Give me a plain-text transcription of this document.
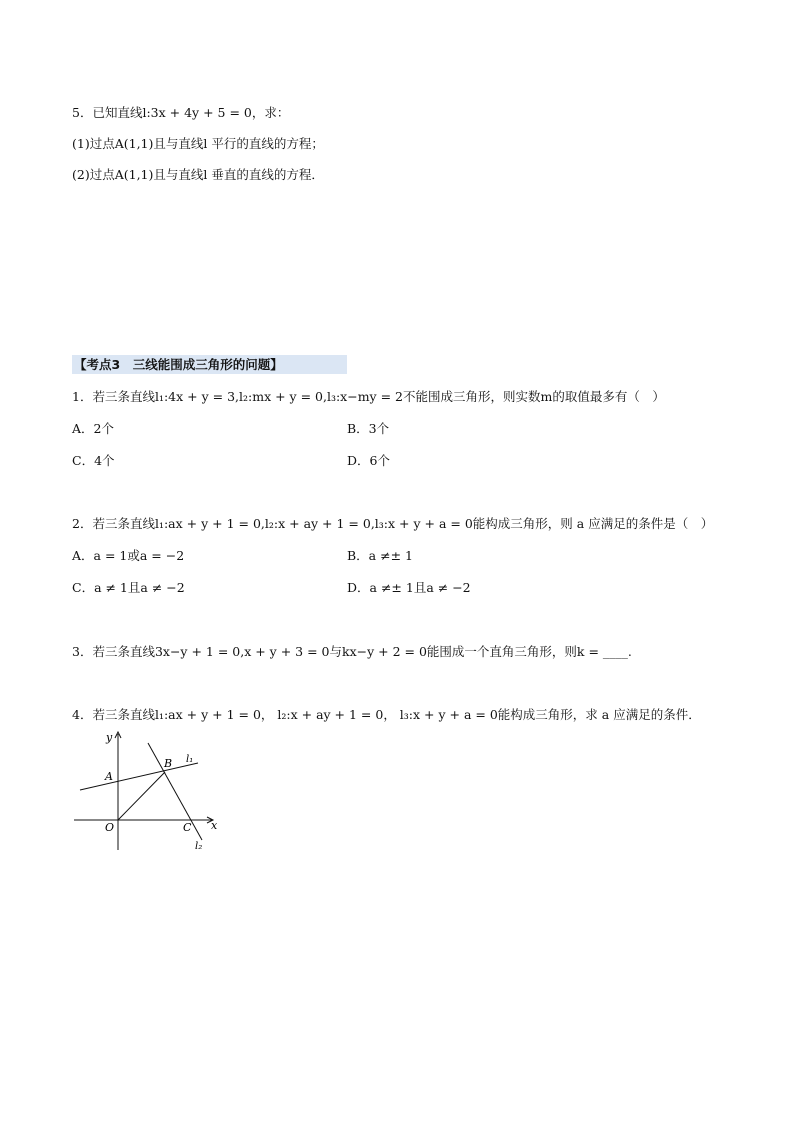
5．已知直线l:3x + 4y + 5 = 0，求：
(1)过点A(1,1)且与直线l 平行的直线的方程；
(2)过点A(1,1)且与直线l 垂直的直线的方程．
【考点3　三线能围成三角形的问题】
1．若三条直线l₁:4x + y = 3,l₂:mx + y = 0,l₃:x−my = 2不能围成三角形，则实数m的取值最多有（　）
A．2个	B．3个
C．4个	D．6个
2．若三条直线l₁:ax + y + 1 = 0,l₂:x + ay + 1 = 0,l₃:x + y + a = 0能构成三角形，则 a 应满足的条件是（　）
A．a = 1或a = −2	B．a ≠± 1
C．a ≠ 1且a ≠ −2	D．a ≠± 1且a ≠ −2
3．若三条直线3x−y + 1 = 0,x + y + 3 = 0与kx−y + 2 = 0能围成一个直角三角形，则k = ____.
4．若三条直线l₁:ax + y + 1 = 0， l₂:x + ay + 1 = 0， l₃:x + y + a = 0能构成三角形，求 a 应满足的条件．
y
x
A
B
O	C
l₁
l₂
